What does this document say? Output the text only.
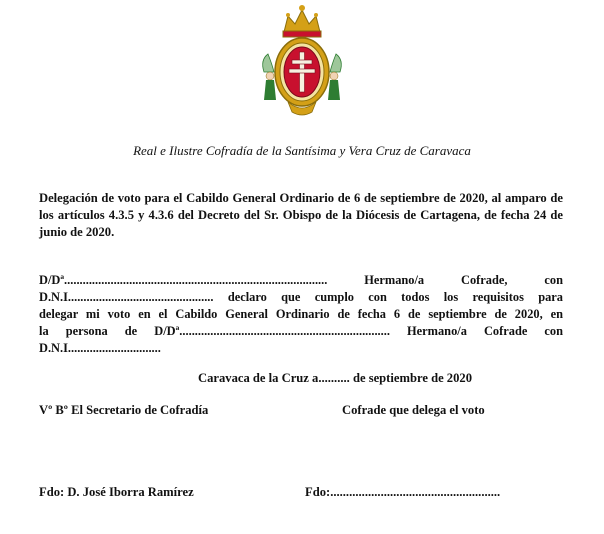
Real e Ilustre Cofradía de la Santísima y Vera Cruz de Caravaca
Delegación de voto para el Cabildo General Ordinario de 6 de septiembre de 2020, al amparo de los artículos 4.3.5 y 4.3.6 del Decreto del Sr. Obispo de la Diócesis de Cartagena, de fecha 24 de junio de 2020.
D/Dª.....................................................................................	Hermano/a	Cofrade,	con
D.N.I............................................... declaro que cumplo con todos los requisitos para
delegar mi voto en el Cabildo General Ordinario de fecha 6 de septiembre de 2020, en
la persona de D/Dª.................................................................... Hermano/a Cofrade con
D.N.I..............................
Caravaca de la Cruz a.......... de septiembre de 2020
Vº Bº El Secretario de Cofradía	Cofrade que delega el voto
Fdo: D. José Iborra Ramírez	Fdo:......................................................
